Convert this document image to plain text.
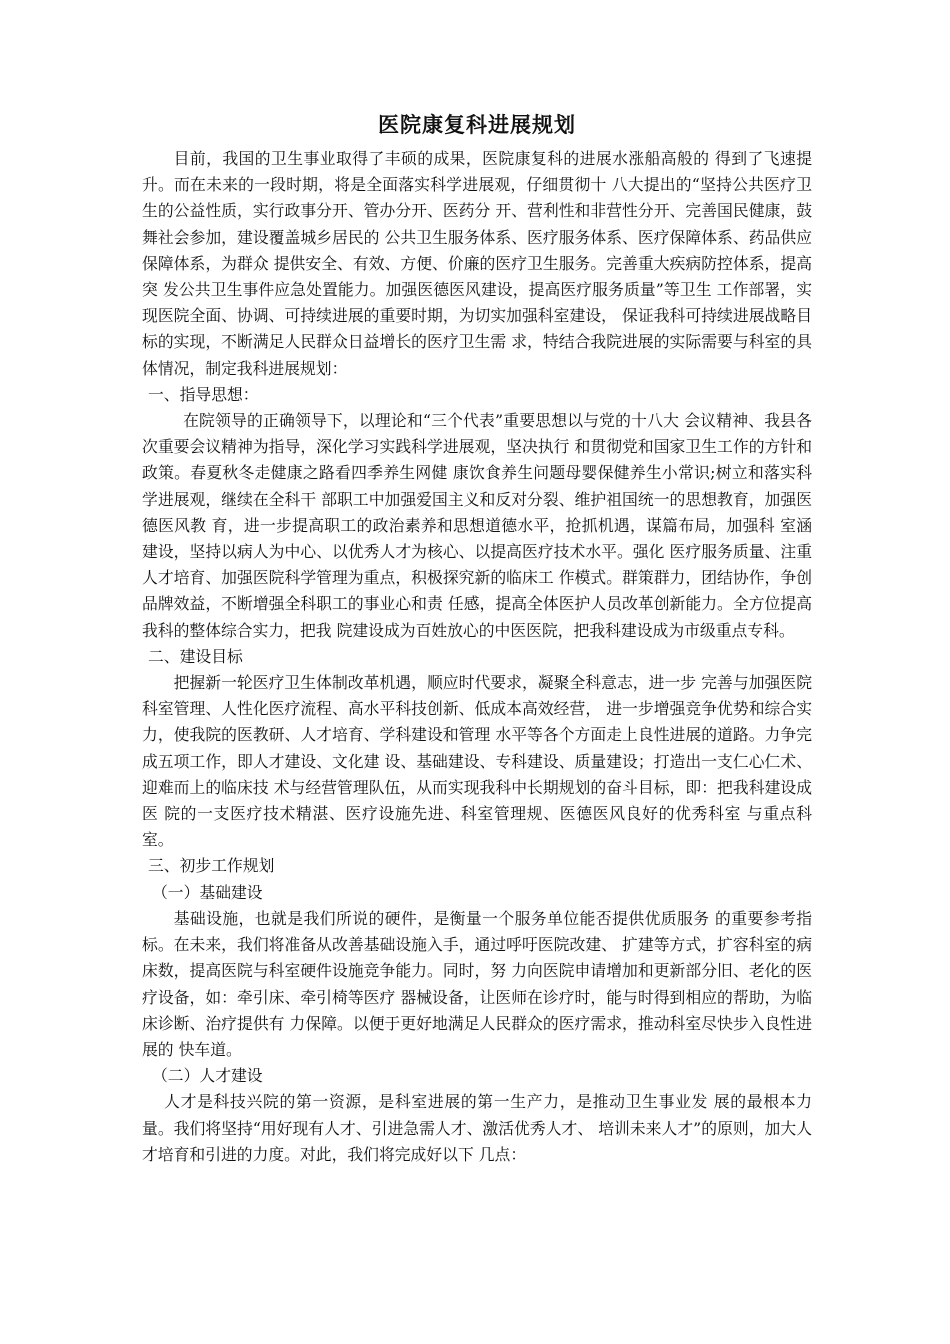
医院康复科进展规划

目前，我国的卫生事业取得了丰硕的成果，医院康复科的进展水涨船高般的 得到了飞速提升。而在未来的一段时期，将是全面落实科学进展观，仔细贯彻十 八大提出的“坚持公共医疗卫生的公益性质，实行政事分开、管办分开、医药分 开、营利性和非营性分开、完善国民健康，鼓舞社会参加，建设覆盖城乡居民的 公共卫生服务体系、医疗服务体系、医疗保障体系、药品供应保障体系，为群众 提供安全、有效、方便、价廉的医疗卫生服务。完善重大疾病防控体系，提高突 发公共卫生事件应急处置能力。加强医德医风建设，提高医疗服务质量”等卫生 工作部署，实现医院全面、协调、可持续进展的重要时期，为切实加强科室建设， 保证我科可持续进展战略目标的实现，不断满足人民群众日益增长的医疗卫生需 求，特结合我院进展的实际需要与科室的具体情况，制定我科进展规划：

一、指导思想：

在院领导的正确领导下，以理论和“三个代表”重要思想以与党的十八大 会议精神、我县各次重要会议精神为指导，深化学习实践科学进展观，坚决执行 和贯彻党和国家卫生工作的方针和政策。春夏秋冬走健康之路看四季养生网健 康饮食养生问题母婴保健养生小常识;树立和落实科学进展观，继续在全科干 部职工中加强爱国主义和反对分裂、维护祖国统一的思想教育，加强医德医风教 育，进一步提高职工的政治素养和思想道德水平，抢抓机遇，谋篇布局，加强科 室涵建设，坚持以病人为中心、以优秀人才为核心、以提高医疗技术水平。强化 医疗服务质量、注重人才培育、加强医院科学管理为重点，积极探究新的临床工 作模式。群策群力，团结协作，争创品牌效益，不断增强全科职工的事业心和责 任感，提高全体医护人员改革创新能力。全方位提高我科的整体综合实力，把我 院建设成为百姓放心的中医医院，把我科建设成为市级重点专科。

二、建设目标

把握新一轮医疗卫生体制改革机遇，顺应时代要求，凝聚全科意志，进一步 完善与加强医院科室管理、人性化医疗流程、高水平科技创新、低成本高效经营， 进一步增强竞争优势和综合实力，使我院的医教研、人才培育、学科建设和管理 水平等各个方面走上良性进展的道路。力争完成五项工作，即人才建设、文化建 设、基础建设、专科建设、质量建设；打造出一支仁心仁术、迎难而上的临床技 术与经营管理队伍，从而实现我科中长期规划的奋斗目标，即：把我科建设成医 院的一支医疗技术精湛、医疗设施先进、科室管理规、医德医风良好的优秀科室 与重点科室。

三、初步工作规划

（一）基础建设

基础设施，也就是我们所说的硬件，是衡量一个服务单位能否提供优质服务 的重要参考指标。在未来，我们将准备从改善基础设施入手，通过呼吁医院改建、 扩建等方式，扩容科室的病床数，提高医院与科室硬件设施竞争能力。同时，努 力向医院申请增加和更新部分旧、老化的医疗设备，如：牵引床、牵引椅等医疗 器械设备，让医师在诊疗时，能与时得到相应的帮助，为临床诊断、治疗提供有 力保障。以便于更好地满足人民群众的医疗需求，推动科室尽快步入良性进展的 快车道。

（二）人才建设

人才是科技兴院的第一资源，是科室进展的第一生产力，是推动卫生事业发 展的最根本力量。我们将坚持“用好现有人才、引进急需人才、激活优秀人才、 培训未来人才”的原则，加大人才培育和引进的力度。对此，我们将完成好以下 几点：
